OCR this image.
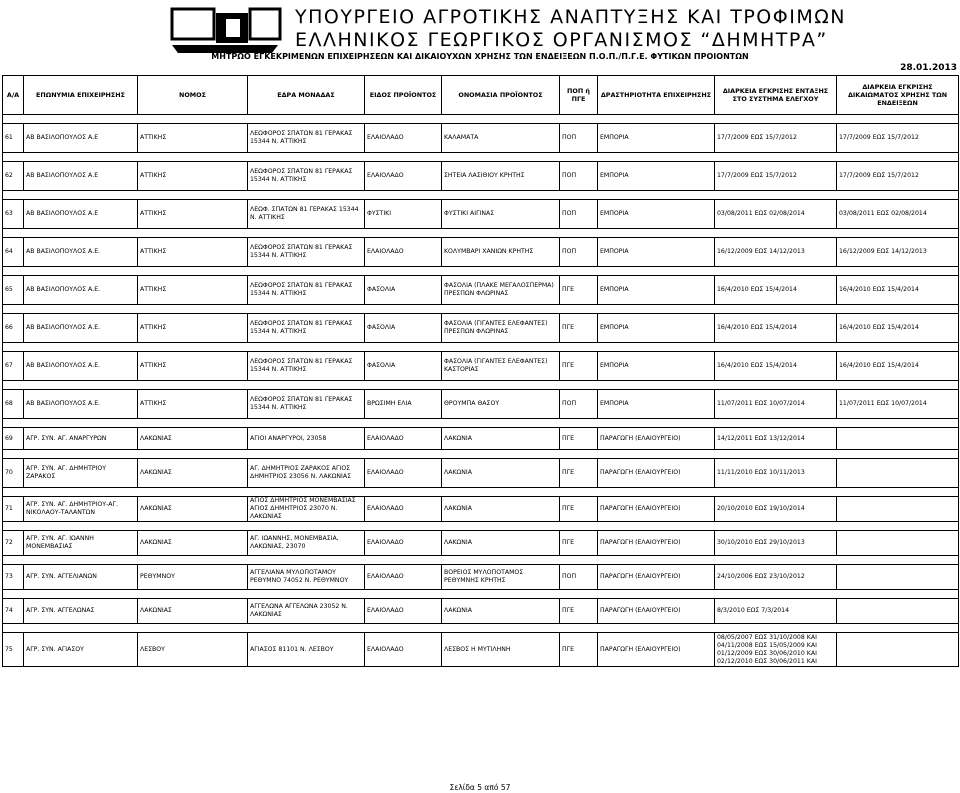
ΥΠΟΥΡΓΕΙΟ ΑΓΡΟΤΙΚΗΣ ΑΝΑΠΤΥΞΗΣ ΚΑΙ ΤΡΟΦΙΜΩΝ
ΕΛΛΗΝΙΚΟΣ ΓΕΩΡΓΙΚΟΣ ΟΡΓΑΝΙΣΜΟΣ “ΔΗΜΗΤΡΑ”
ΜΗΤΡΩΟ ΕΓΚΕΚΡΙΜΕΝΩΝ ΕΠΙΧΕΙΡΗΣΕΩΝ ΚΑΙ ΔΙΚΑΙΟΥΧΩΝ ΧΡΗΣΗΣ ΤΩΝ ΕΝΔΕΙΞΕΩΝ Π.Ο.Π./Π.Γ.Ε. ΦΥΤΙΚΩΝ ΠΡΟΙΟΝΤΩΝ
28.01.2013
Α/Α	ΕΠΩΝΥΜΙΑ ΕΠΙΧΕΙΡΗΣΗΣ	ΝΟΜΟΣ	ΕΔΡΑ ΜΟΝΑΔΑΣ	ΕΙΔΟΣ ΠΡΟΪΟΝΤΟΣ	ΟΝΟΜΑΣΙΑ ΠΡΟΪΟΝΤΟΣ	ΠΟΠ ή ΠΓΕ	ΔΡΑΣΤΗΡΙΟΤΗΤΑ ΕΠΙΧΕΙΡΗΣΗΣ	ΔΙΑΡΚΕΙΑ ΕΓΚΡΙΣΗΣ ΕΝΤΑΞΗΣ ΣΤΟ ΣΥΣΤΗΜΑ ΕΛΕΓΧΟΥ	ΔΙΑΡΚΕΙΑ ΕΓΚΡΙΣΗΣ ΔΙΚΑΙΩΜΑΤΟΣ ΧΡΗΣΗΣ ΤΩΝ ΕΝΔΕΙΞΕΩΝ

61	ΑΒ ΒΑΣΙΛΟΠΟΥΛΟΣ Α.Ε	ΑΤΤΙΚΗΣ	ΛΕΩΦΟΡΟΣ ΣΠΑΤΩΝ 81 ΓΕΡΑΚΑΣ 15344 Ν. ΑΤΤΙΚΗΣ	ΕΛΑΙΟΛΑΔΟ	ΚΑΛΑΜΑΤΑ	ΠΟΠ	ΕΜΠΟΡΙΑ	17/7/2009 ΕΩΣ 15/7/2012	17/7/2009 ΕΩΣ 15/7/2012

62	ΑΒ ΒΑΣΙΛΟΠΟΥΛΟΣ Α.Ε	ΑΤΤΙΚΗΣ	ΛΕΩΦΟΡΟΣ ΣΠΑΤΩΝ 81 ΓΕΡΑΚΑΣ 15344 Ν. ΑΤΤΙΚΗΣ	ΕΛΑΙΟΛΑΔΟ	ΣΗΤΕΙΑ ΛΑΣΙΘΙΟΥ ΚΡΗΤΗΣ	ΠΟΠ	ΕΜΠΟΡΙΑ	17/7/2009 ΕΩΣ 15/7/2012	17/7/2009 ΕΩΣ 15/7/2012

63	ΑΒ ΒΑΣΙΛΟΠΟΥΛΟΣ Α.Ε	ΑΤΤΙΚΗΣ	ΛΕΩΦ. ΣΠΑΤΩΝ 81 ΓΕΡΑΚΑΣ 15344 Ν. ΑΤΤΙΚΗΣ	ΦΥΣΤΙΚΙ	ΦΥΣΤΙΚΙ ΑΙΓΙΝΑΣ	ΠΟΠ	ΕΜΠΟΡΙΑ	03/08/2011 ΕΩΣ 02/08/2014	03/08/2011 ΕΩΣ 02/08/2014

64	ΑΒ ΒΑΣΙΛΟΠΟΥΛΟΣ Α.Ε.	ΑΤΤΙΚΗΣ	ΛΕΩΦΟΡΟΣ ΣΠΑΤΩΝ 81 ΓΕΡΑΚΑΣ 15344 Ν. ΑΤΤΙΚΗΣ	ΕΛΑΙΟΛΑΔΟ	ΚΟΛΥΜΒΑΡΙ ΧΑΝΙΩΝ ΚΡΗΤΗΣ	ΠΟΠ	ΕΜΠΟΡΙΑ	16/12/2009 ΕΩΣ 14/12/2013	16/12/2009 ΕΩΣ 14/12/2013

65	ΑΒ ΒΑΣΙΛΟΠΟΥΛΟΣ Α.Ε.	ΑΤΤΙΚΗΣ	ΛΕΩΦΟΡΟΣ ΣΠΑΤΩΝ 81 ΓΕΡΑΚΑΣ 15344 Ν. ΑΤΤΙΚΗΣ	ΦΑΣΟΛΙΑ	ΦΑΣΟΛΙΑ (ΠΛΑΚΕ ΜΕΓΑΛΟΣΠΕΡΜΑ) ΠΡΕΣΠΩΝ ΦΛΩΡΙΝΑΣ	ΠΓΕ	ΕΜΠΟΡΙΑ	16/4/2010 ΕΩΣ 15/4/2014	16/4/2010 ΕΩΣ 15/4/2014

66	ΑΒ ΒΑΣΙΛΟΠΟΥΛΟΣ Α.Ε.	ΑΤΤΙΚΗΣ	ΛΕΩΦΟΡΟΣ ΣΠΑΤΩΝ 81 ΓΕΡΑΚΑΣ 15344 Ν. ΑΤΤΙΚΗΣ	ΦΑΣΟΛΙΑ	ΦΑΣΟΛΙΑ (ΓΙΓΑΝΤΕΣ ΕΛΕΦΑΝΤΕΣ) ΠΡΕΣΠΩΝ ΦΛΩΡΙΝΑΣ	ΠΓΕ	ΕΜΠΟΡΙΑ	16/4/2010 ΕΩΣ 15/4/2014	16/4/2010 ΕΩΣ 15/4/2014

67	ΑΒ ΒΑΣΙΛΟΠΟΥΛΟΣ Α.Ε.	ΑΤΤΙΚΗΣ	ΛΕΩΦΟΡΟΣ ΣΠΑΤΩΝ 81 ΓΕΡΑΚΑΣ 15344 Ν. ΑΤΤΙΚΗΣ	ΦΑΣΟΛΙΑ	ΦΑΣΟΛΙΑ (ΓΙΓΑΝΤΕΣ ΕΛΕΦΑΝΤΕΣ) ΚΑΣΤΟΡΙΑΣ	ΠΓΕ	ΕΜΠΟΡΙΑ	16/4/2010 ΕΩΣ 15/4/2014	16/4/2010 ΕΩΣ 15/4/2014

68	ΑΒ ΒΑΣΙΛΟΠΟΥΛΟΣ Α.Ε.	ΑΤΤΙΚΗΣ	ΛΕΩΦΟΡΟΣ ΣΠΑΤΩΝ 81 ΓΕΡΑΚΑΣ 15344 Ν. ΑΤΤΙΚΗΣ	ΒΡΩΣΙΜΗ ΕΛΙΑ	ΘΡΟΥΜΠΑ ΘΑΣΟΥ	ΠΟΠ	ΕΜΠΟΡΙΑ	11/07/2011 ΕΩΣ 10/07/2014	11/07/2011 ΕΩΣ 10/07/2014

69	ΑΓΡ. ΣΥΝ. ΑΓ. ΑΝΑΡΓΥΡΩΝ	ΛΑΚΩΝΙΑΣ	ΑΓΙΟΙ ΑΝΑΡΓΥΡΟΙ, 23058	ΕΛΑΙΟΛΑΔΟ	ΛΑΚΩΝΙΑ	ΠΓΕ	ΠΑΡΑΓΩΓΗ (ΕΛΑΙΟΥΡΓΕΙΟ)	14/12/2011 ΕΩΣ 13/12/2014	

70	ΑΓΡ. ΣΥΝ. ΑΓ. ΔΗΜΗΤΡΙΟΥ ΖΑΡΑΚΟΣ	ΛΑΚΩΝΙΑΣ	ΑΓ. ΔΗΜΗΤΡΙΟΣ ΖΑΡΑΚΟΣ ΑΓΙΟΣ ΔΗΜΗΤΡΙΟΣ 23056 Ν. ΛΑΚΩΝΙΑΣ	ΕΛΑΙΟΛΑΔΟ	ΛΑΚΩΝΙΑ	ΠΓΕ	ΠΑΡΑΓΩΓΗ (ΕΛΑΙΟΥΡΓΕΙΟ)	11/11/2010 ΕΩΣ 10/11/2013	

71	ΑΓΡ. ΣΥΝ. ΑΓ. ΔΗΜΗΤΡΙΟΥ-ΑΓ. ΝΙΚΟΛΑΟΥ-ΤΑΛΑΝΤΩΝ	ΛΑΚΩΝΙΑΣ	ΑΓΙΟΣ ΔΗΜΗΤΡΙΟΣ ΜΟΝΕΜΒΑΣΙΑΣ ΑΓΙΟΣ ΔΗΜΗΤΡΙΟΣ 23070 Ν. ΛΑΚΩΝΙΑΣ	ΕΛΑΙΟΛΑΔΟ	ΛΑΚΩΝΙΑ	ΠΓΕ	ΠΑΡΑΓΩΓΗ (ΕΛΑΙΟΥΡΓΕΙΟ)	20/10/2010 ΕΩΣ 19/10/2014	

72	ΑΓΡ. ΣΥΝ. ΑΓ. ΙΩΑΝΝΗ ΜΟΝΕΜΒΑΣΙΑΣ	ΛΑΚΩΝΙΑΣ	ΑΓ. ΙΩΑΝΝΗΣ, ΜΟΝΕΜΒΑΣΙΑ, ΛΑΚΩΝΙΑΣ, 23070	ΕΛΑΙΟΛΑΔΟ	ΛΑΚΩΝΙΑ	ΠΓΕ	ΠΑΡΑΓΩΓΗ (ΕΛΑΙΟΥΡΓΕΙΟ)	30/10/2010 ΕΩΣ 29/10/2013	

73	ΑΓΡ. ΣΥΝ. ΑΓΓΕΛΙΑΝΩΝ	ΡΕΘΥΜΝΟΥ	ΑΓΓΕΛΙΑΝΑ ΜΥΛΟΠΟΤΑΜΟΥ ΡΕΘΥΜΝΟ 74052 Ν. ΡΕΘΥΜΝΟΥ	ΕΛΑΙΟΛΑΔΟ	ΒΟΡΕΙΟΣ ΜΥΛΟΠΟΤΑΜΟΣ ΡΕΘΥΜΝΗΣ ΚΡΗΤΗΣ	ΠΟΠ	ΠΑΡΑΓΩΓΗ (ΕΛΑΙΟΥΡΓΕΙΟ)	24/10/2006 ΕΩΣ 23/10/2012	

74	ΑΓΡ. ΣΥΝ. ΑΓΓΕΛΩΝΑΣ	ΛΑΚΩΝΙΑΣ	ΑΓΓΕΛΩΝΑ ΑΓΓΕΛΩΝΑ 23052 Ν. ΛΑΚΩΝΙΑΣ	ΕΛΑΙΟΛΑΔΟ	ΛΑΚΩΝΙΑ	ΠΓΕ	ΠΑΡΑΓΩΓΗ (ΕΛΑΙΟΥΡΓΕΙΟ)	8/3/2010 ΕΩΣ 7/3/2014	

75	ΑΓΡ. ΣΥΝ. ΑΓΙΑΣΟΥ	ΛΕΣΒΟΥ	ΑΓΙΑΣΟΣ 81101 Ν. ΛΕΣΒΟΥ	ΕΛΑΙΟΛΑΔΟ	ΛΕΣΒΟΣ Η ΜΥΤΙΛΗΝΗ	ΠΓΕ	ΠΑΡΑΓΩΓΗ (ΕΛΑΙΟΥΡΓΕΙΟ)	08/05/2007 ΕΩΣ 31/10/2008 ΚΑΙ 04/11/2008 ΕΩΣ 15/05/2009 ΚΑΙ 01/12/2009 ΕΩΣ 30/06/2010 ΚΑΙ 02/12/2010 ΕΩΣ 30/06/2011 ΚΑΙ	
Σελίδα 5 από 57
